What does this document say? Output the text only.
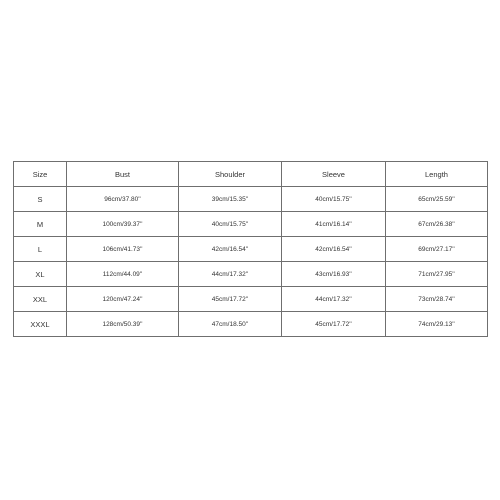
Size	Bust	Shoulder	Sleeve	Length
S	96cm/37.80''	39cm/15.35''	40cm/15.75''	65cm/25.59''
M	100cm/39.37''	40cm/15.75''	41cm/16.14''	67cm/26.38''
L	106cm/41.73''	42cm/16.54''	42cm/16.54''	69cm/27.17''
XL	112cm/44.09''	44cm/17.32''	43cm/16.93''	71cm/27.95''
XXL	120cm/47.24''	45cm/17.72''	44cm/17.32''	73cm/28.74''
XXXL	128cm/50.39''	47cm/18.50''	45cm/17.72''	74cm/29.13''
